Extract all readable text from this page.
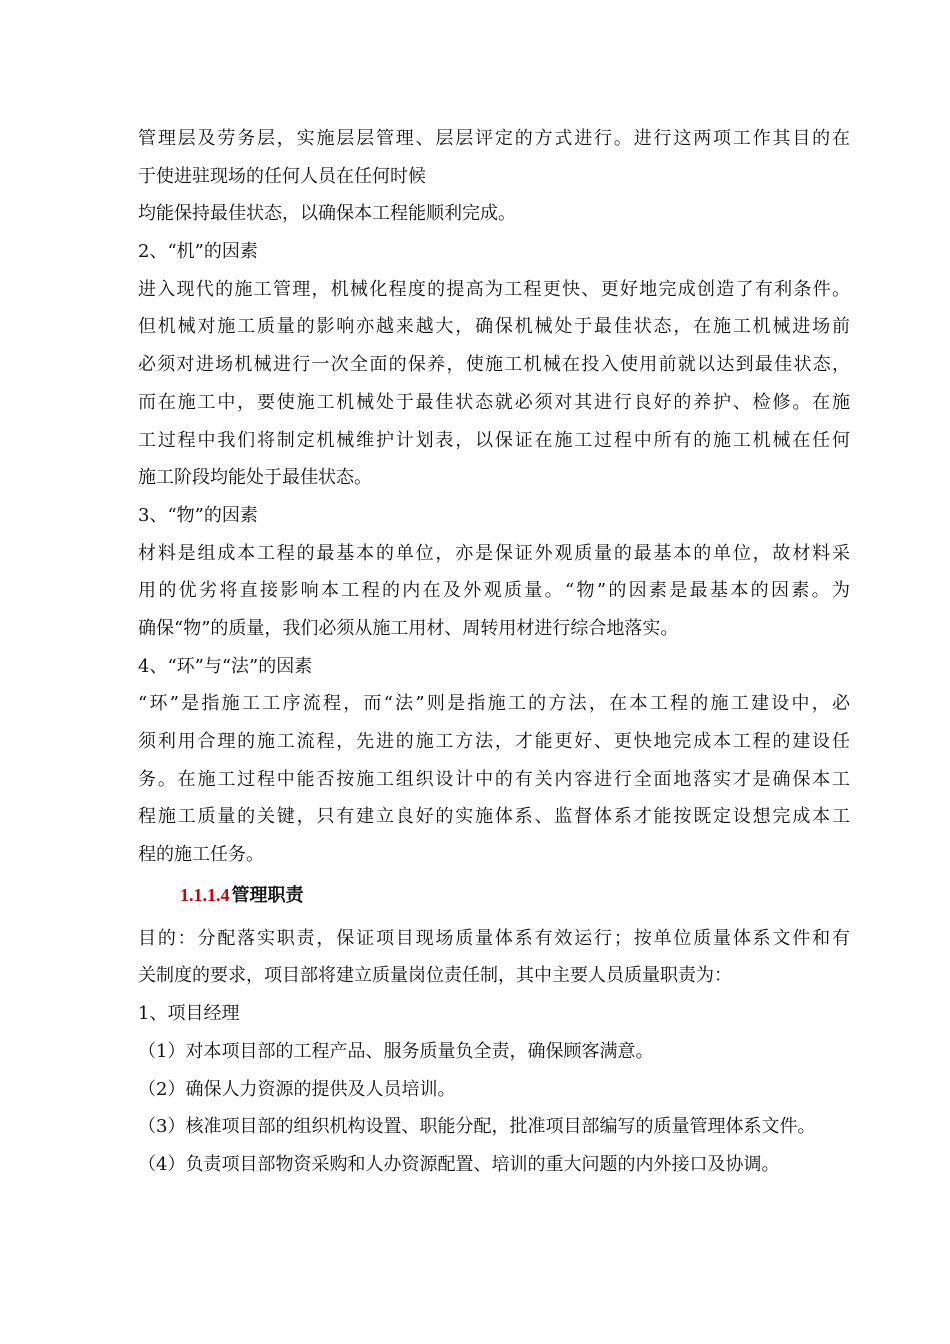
管理层及劳务层，实施层层管理、层层评定的方式进行。进行这两项工作其目的在
于使进驻现场的任何人员在任何时候
均能保持最佳状态，以确保本工程能顺利完成。
2、“机”的因素
进入现代的施工管理，机械化程度的提高为工程更快、更好地完成创造了有利条件。
但机械对施工质量的影响亦越来越大，确保机械处于最佳状态，在施工机械进场前
必须对进场机械进行一次全面的保养，使施工机械在投入使用前就以达到最佳状态，
而在施工中，要使施工机械处于最佳状态就必须对其进行良好的养护、检修。在施
工过程中我们将制定机械维护计划表，以保证在施工过程中所有的施工机械在任何
施工阶段均能处于最佳状态。
3、“物”的因素
材料是组成本工程的最基本的单位，亦是保证外观质量的最基本的单位，故材料采
用的优劣将直接影响本工程的内在及外观质量。“物”的因素是最基本的因素。为
确保“物”的质量，我们必须从施工用材、周转用材进行综合地落实。
4、“环”与“法”的因素
“环”是指施工工序流程，而“法”则是指施工的方法，在本工程的施工建设中，必
须利用合理的施工流程，先进的施工方法，才能更好、更快地完成本工程的建设任
务。在施工过程中能否按施工组织设计中的有关内容进行全面地落实才是确保本工
程施工质量的关键，只有建立良好的实施体系、监督体系才能按既定设想完成本工
程的施工任务。
1.1.1.4 管理职责
目的：分配落实职责，保证项目现场质量体系有效运行；按单位质量体系文件和有
关制度的要求，项目部将建立质量岗位责任制，其中主要人员质量职责为：
1、项目经理
（1）对本项目部的工程产品、服务质量负全责，确保顾客满意。
（2）确保人力资源的提供及人员培训。
（3）核准项目部的组织机构设置、职能分配，批准项目部编写的质量管理体系文件。
（4）负责项目部物资采购和人办资源配置、培训的重大问题的内外接口及协调。
